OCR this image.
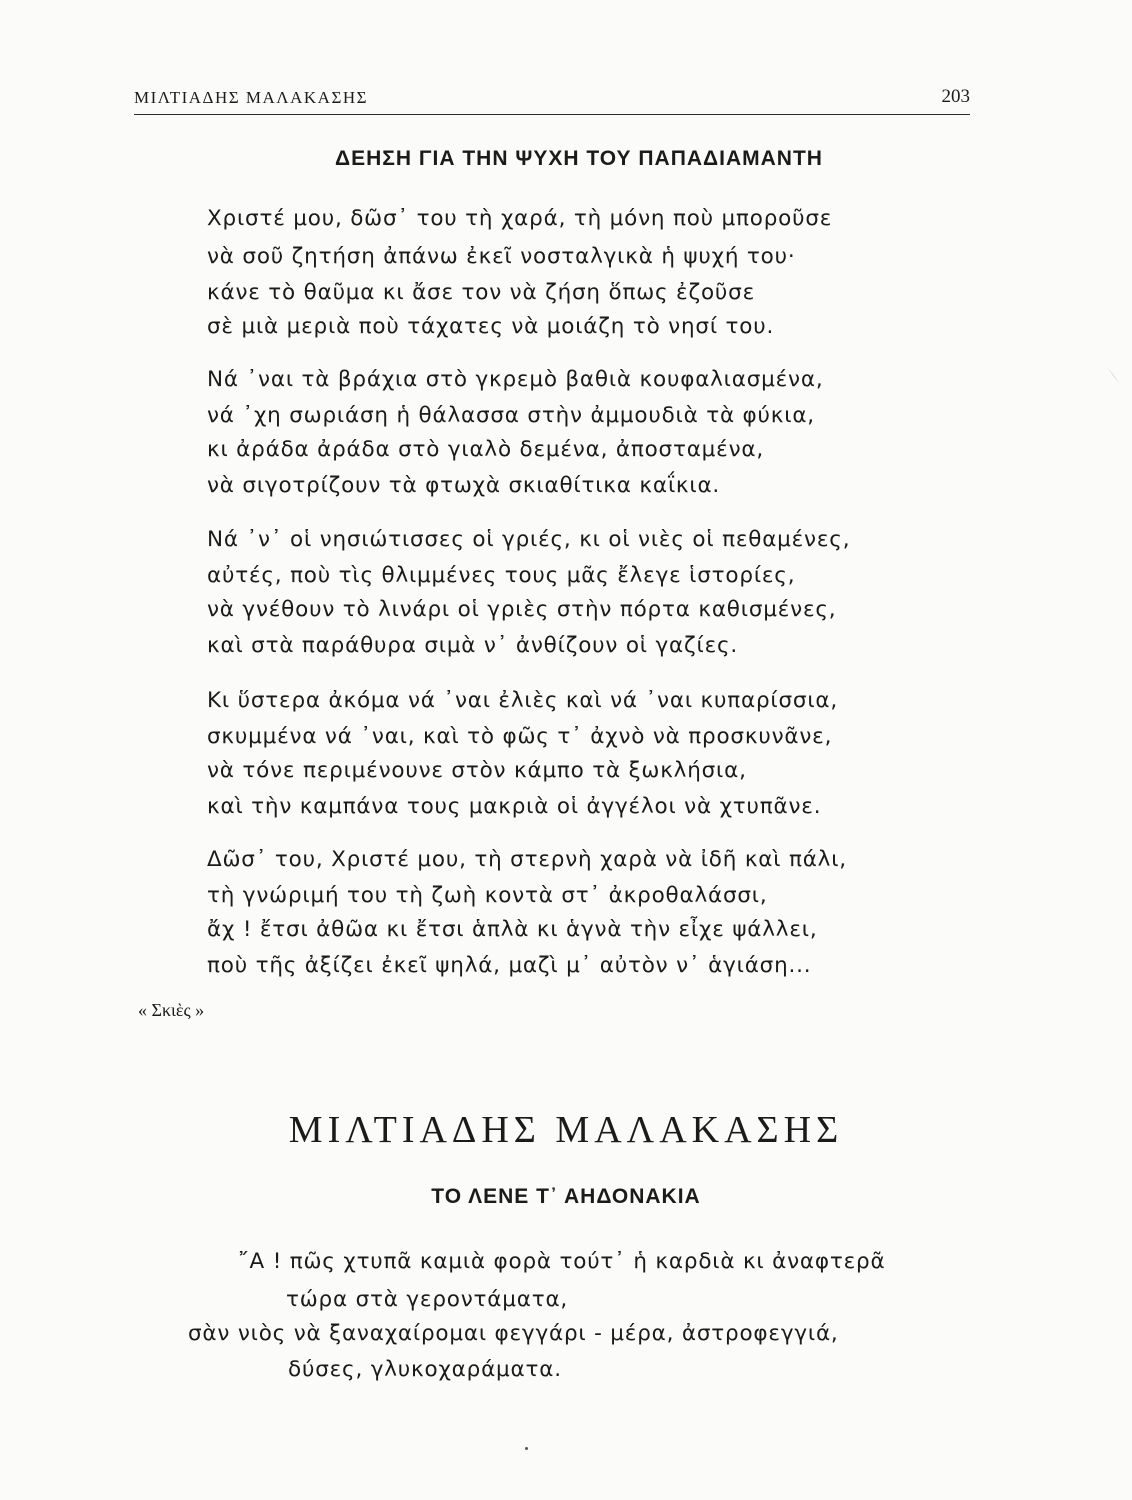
ΜΙΛΤΙΑΔΗΣ ΜΑΛΑΚΑΣΗΣ	203
ΔΕΗΣΗ ΓΙΑ ΤΗΝ ΨΥΧΗ ΤΟΥ ΠΑΠΑΔΙΑΜΑΝΤΗ
Χριστέ μου, δῶσ᾿ του τὴ χαρά, τὴ μόνη ποὺ μποροῦσε
νὰ σοῦ ζητήση ἀπάνω ἐκεῖ νοσταλγικὰ ἡ ψυχή του·
κάνε τὸ θαῦμα κι ἄσε τον νὰ ζήση ὅπως ἐζοῦσε
σὲ μιὰ μεριὰ ποὺ τάχατες νὰ μοιάζη τὸ νησί του.
Νά ᾿ναι τὰ βράχια στὸ γκρεμὸ βαθιὰ κουφαλιασμένα,
νά ᾿χη σωριάση ἡ θάλασσα στὴν ἀμμουδιὰ τὰ φύκια,
κι ἀράδα ἀράδα στὸ γιαλὸ δεμένα, ἀποσταμένα,
νὰ σιγοτρίζουν τὰ φτωχὰ σκιαθίτικα καΐκια.
Νά ᾿ν᾿ οἱ νησιώτισσες οἱ γριές, κι οἱ νιὲς οἱ πεθαμένες,
αὐτές, ποὺ τὶς θλιμμένες τους μᾶς ἔλεγε ἱστορίες,
νὰ γνέθουν τὸ λινάρι οἱ γριὲς στὴν πόρτα καθισμένες,
καὶ στὰ παράθυρα σιμὰ ν᾿ ἀνθίζουν οἱ γαζίες.
Κι ὕστερα ἀκόμα νά ᾿ναι ἐλιὲς καὶ νά ᾿ναι κυπαρίσσια,
σκυμμένα νά ᾿ναι, καὶ τὸ φῶς τ᾿ ἀχνὸ νὰ προσκυνᾶνε,
νὰ τόνε περιμένουνε στὸν κάμπο τὰ ξωκλήσια,
καὶ τὴν καμπάνα τους μακριὰ οἱ ἀγγέλοι νὰ χτυπᾶνε.
Δῶσ᾿ του, Χριστέ μου, τὴ στερνὴ χαρὰ νὰ ἰδῆ καὶ πάλι,
τὴ γνώριμή του τὴ ζωὴ κοντὰ στ᾿ ἀκροθαλάσσι,
ἄχ ! ἔτσι ἀθῶα κι ἔτσι ἁπλὰ κι ἁγνὰ τὴν εἶχε ψάλλει,
ποὺ τῆς ἀξίζει ἐκεῖ ψηλά, μαζὶ μ᾿ αὐτὸν ν᾿ ἁγιάση...
« Σκιὲς »
ΜΙΛΤΙΑΔΗΣ ΜΑΛΑΚΑΣΗΣ
ΤΟ ΛΕΝΕ Τ᾿ ΑΗΔΟΝΑΚΙΑ
῎Α ! πῶς χτυπᾶ καμιὰ φορὰ τούτ᾿ ἡ καρδιὰ κι ἀναφτερᾶ
τώρα στὰ γεροντάματα,
σὰν νιὸς νὰ ξαναχαίρομαι φεγγάρι - μέρα, ἀστροφεγγιά,
δύσες, γλυκοχαράματα.
